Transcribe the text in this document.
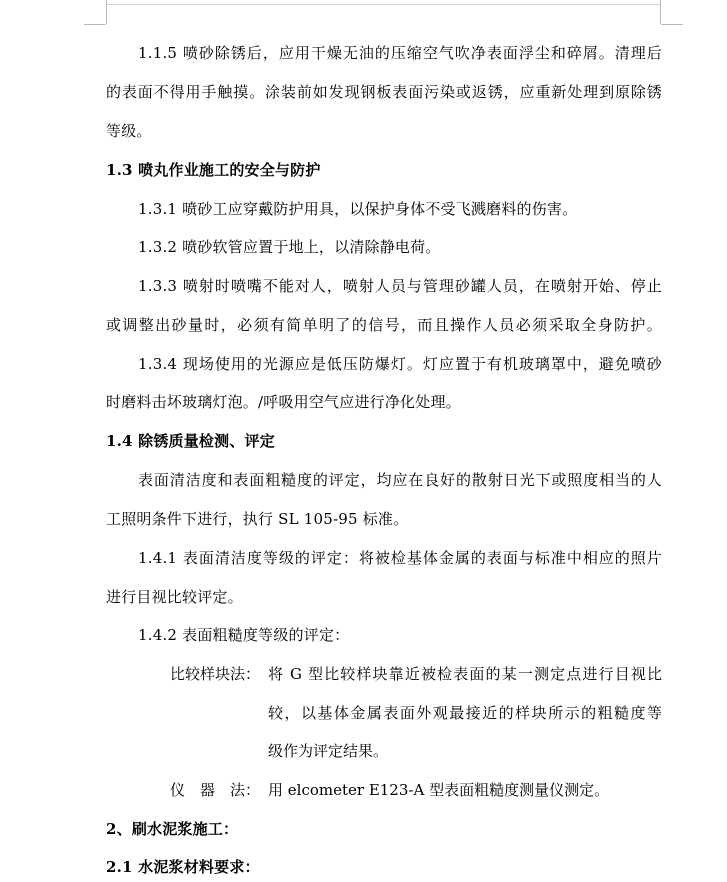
1.1.5 喷砂除锈后，应用干燥无油的压缩空气吹净表面浮尘和碎屑。清理后
的表面不得用手触摸。涂装前如发现钢板表面污染或返锈，应重新处理到原除锈
等级。
1.3 喷丸作业施工的安全与防护
1.3.1 喷砂工应穿戴防护用具，以保护身体不受飞溅磨料的伤害。
1.3.2 喷砂软管应置于地上，以清除静电荷。
1.3.3 喷射时喷嘴不能对人，喷射人员与管理砂罐人员，在喷射开始、停止
或调整出砂量时，必须有简单明了的信号，而且操作人员必须采取全身防护。
1.3.4 现场使用的光源应是低压防爆灯。灯应置于有机玻璃罩中，避免喷砂
时磨料击坏玻璃灯泡。/呼吸用空气应进行净化处理。
1.4 除锈质量检测、评定
表面清洁度和表面粗糙度的评定，均应在良好的散射日光下或照度相当的人
工照明条件下进行，执行 SL 105-95 标准。
1.4.1 表面清洁度等级的评定：将被检基体金属的表面与标准中相应的照片
进行目视比较评定。
1.4.2 表面粗糙度等级的评定：
比较样块法： 将 G 型比较样块靠近被检表面的某一测定点进行目视比
较，以基体金属表面外观最接近的样块所示的粗糙度等
级作为评定结果。
仪　器　法： 用 elcometer E123-A 型表面粗糙度测量仪测定。
2、刷水泥浆施工：
2.1 水泥浆材料要求：
